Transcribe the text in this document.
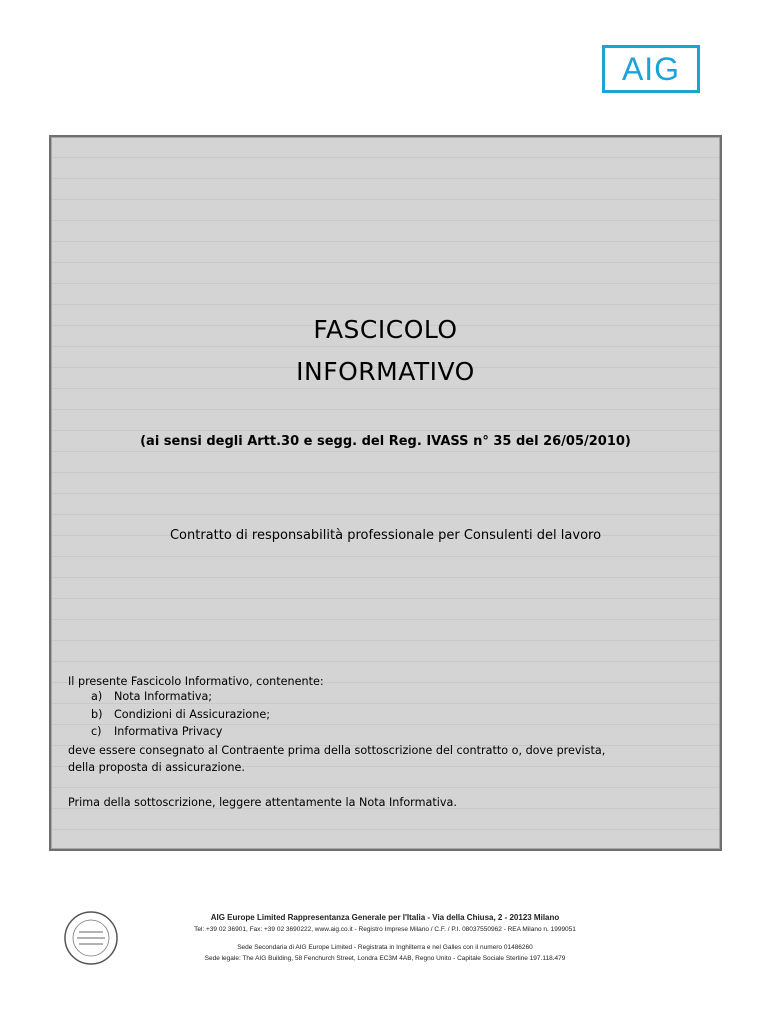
AIG
FASCICOLO
INFORMATIVO
(ai sensi degli Artt.30 e segg. del Reg. IVASS n° 35 del 26/05/2010)
Contratto di responsabilità professionale per Consulenti del lavoro
Il presente Fascicolo Informativo, contenente:
a) Nota Informativa;
b) Condizioni di Assicurazione;
c) Informativa Privacy
deve essere consegnato al Contraente prima della sottoscrizione del contratto o, dove prevista,
della proposta di assicurazione.
Prima della sottoscrizione, leggere attentamente la Nota Informativa.
AIG Europe Limited Rappresentanza Generale per l'Italia - Via della Chiusa, 2 - 20123 Milano
Tel: +39 02 36901, Fax: +39 02 3690222, www.aig.co.it - Registro Imprese Milano / C.F. / P.I. 08037550962 - REA Milano n. 1999051
Sede Secondaria di AIG Europe Limited - Registrata in Inghilterra e nel Galles con il numero 01486260
Sede legale: The AIG Building, 58 Fenchurch Street, Londra EC3M 4AB, Regno Unito - Capitale Sociale Sterline 197.118.479
